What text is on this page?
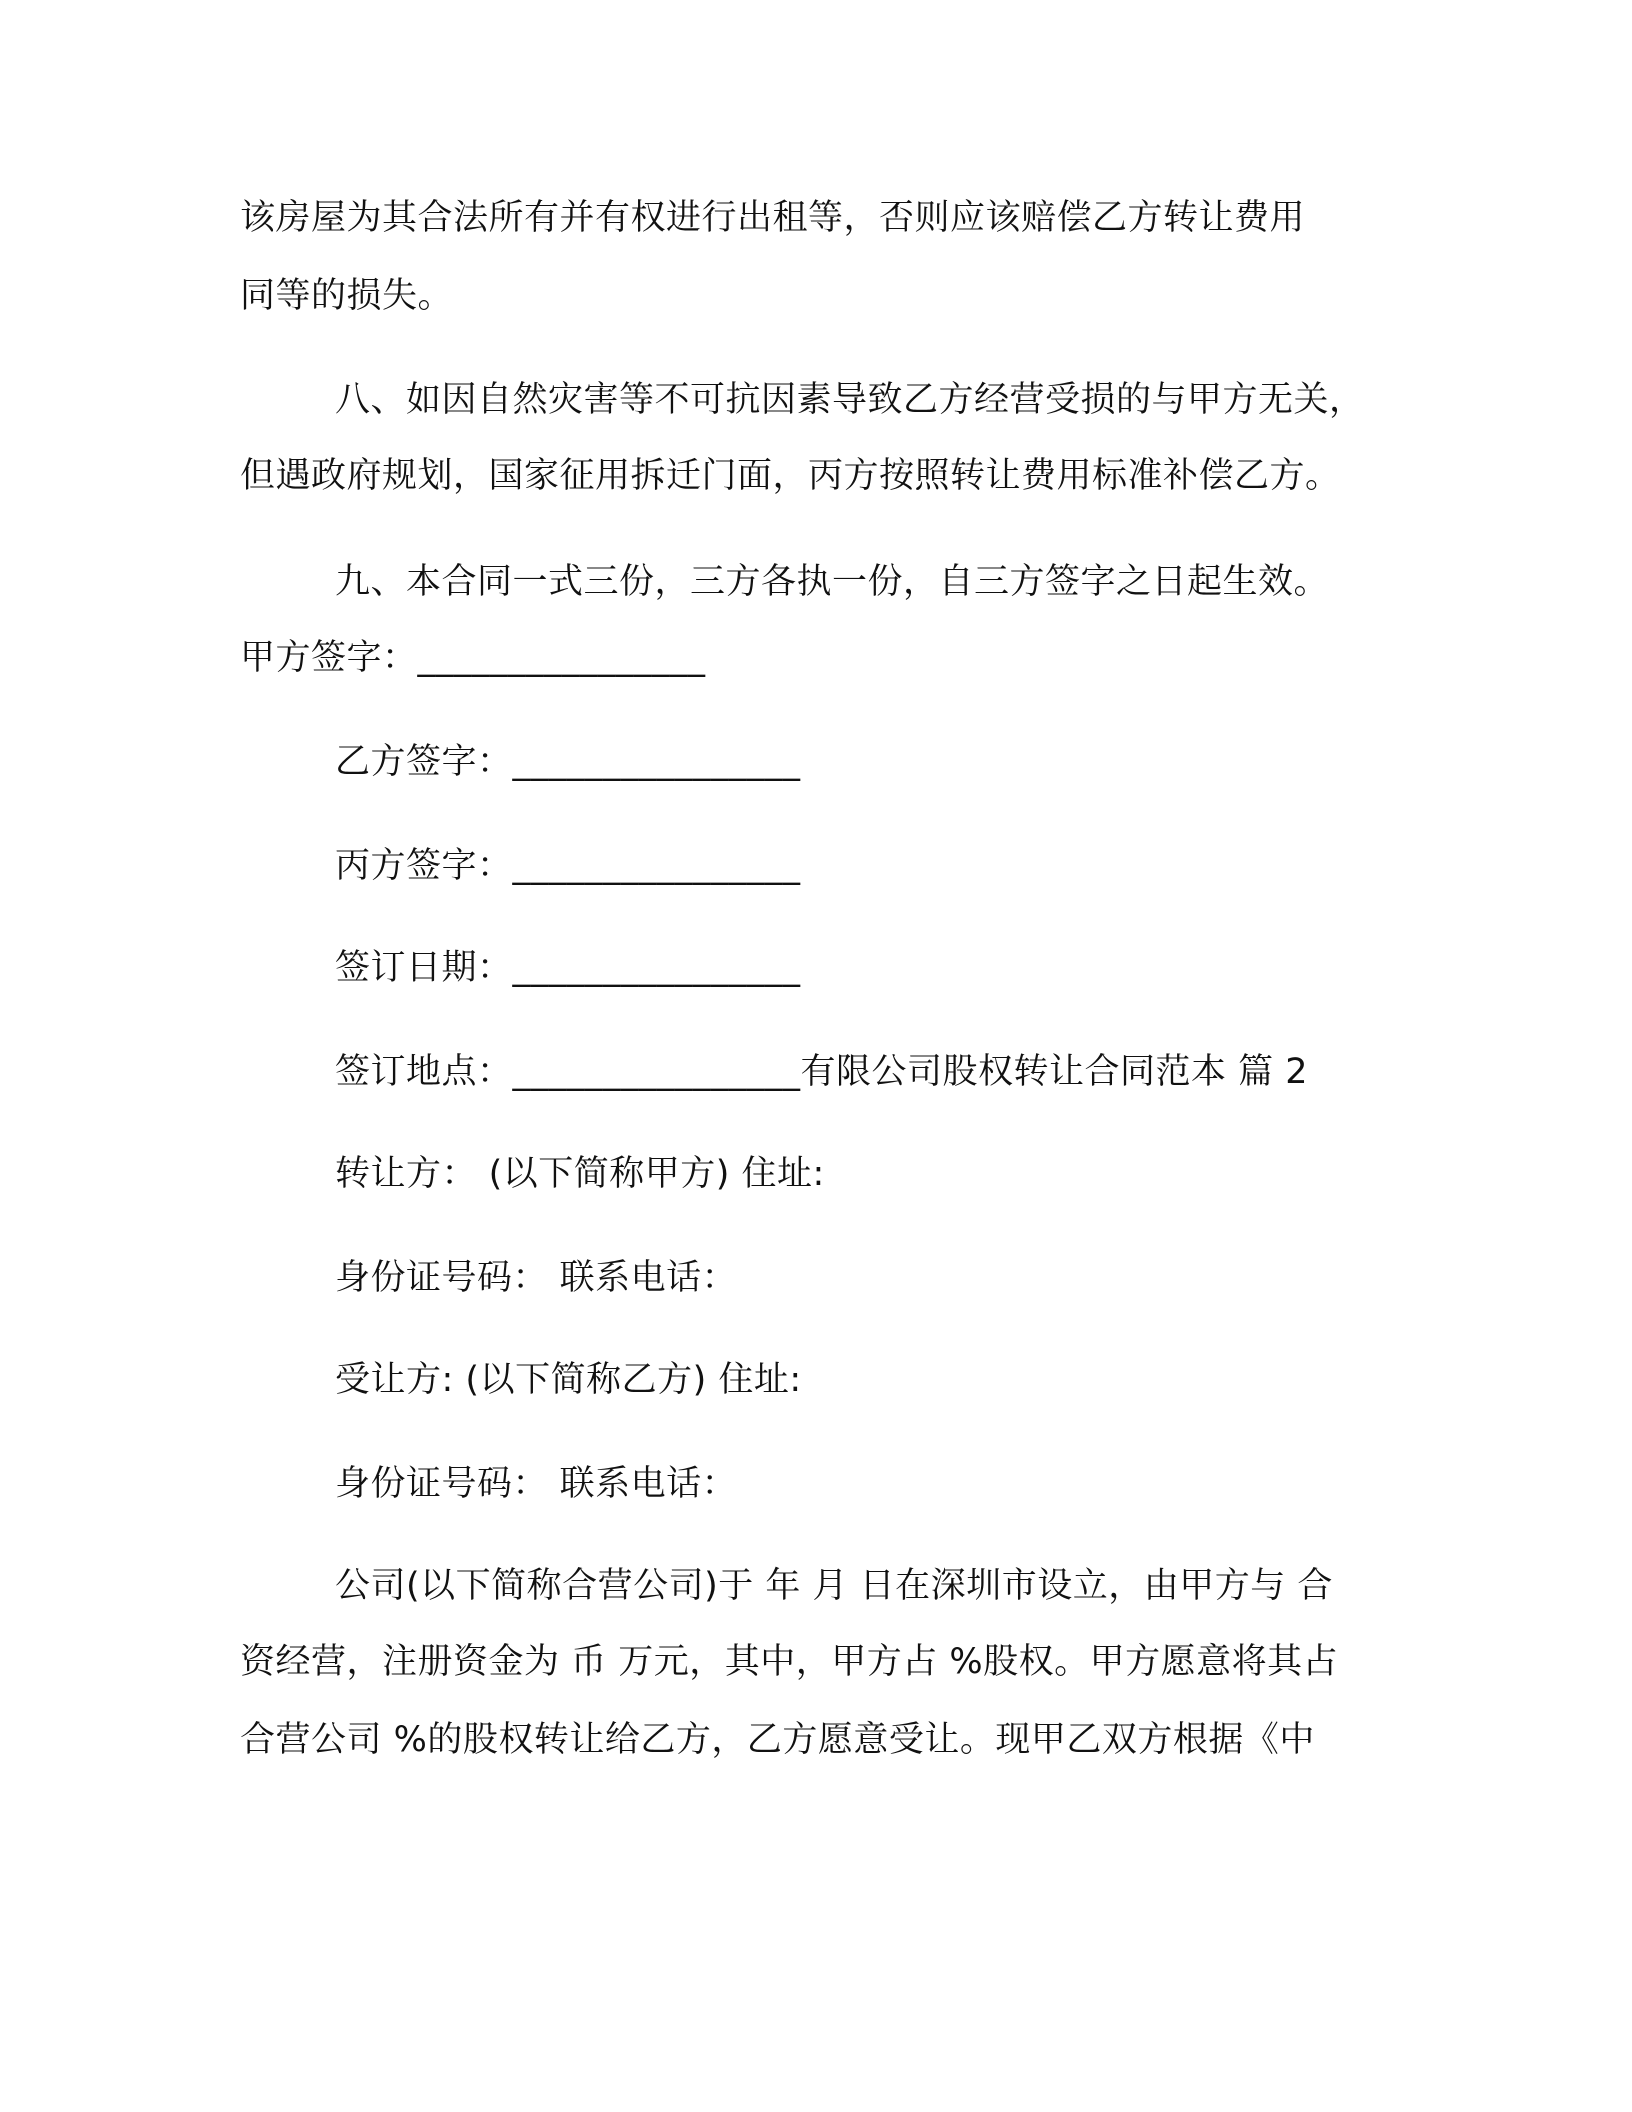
该房屋为其合法所有并有权进行出租等，否则应该赔偿乙方转让费用
同等的损失。
八、如因自然灾害等不可抗因素导致乙方经营受损的与甲方无关，
但遇政府规划，国家征用拆迁门面，丙方按照转让费用标准补偿乙方。
九、本合同一式三份，三方各执一份，自三方签字之日起生效。
甲方签字：________________
乙方签字：________________
丙方签字：________________
签订日期：________________
签订地点：________________有限公司股权转让合同范本 篇 2
转让方： (以下简称甲方) 住址:
身份证号码： 联系电话：
受让方: (以下简称乙方) 住址:
身份证号码： 联系电话：
公司(以下简称合营公司)于 年 月 日在深圳市设立，由甲方与 合
资经营，注册资金为 币 万元，其中，甲方占 %股权。甲方愿意将其占
合营公司 %的股权转让给乙方，乙方愿意受让。现甲乙双方根据《中
